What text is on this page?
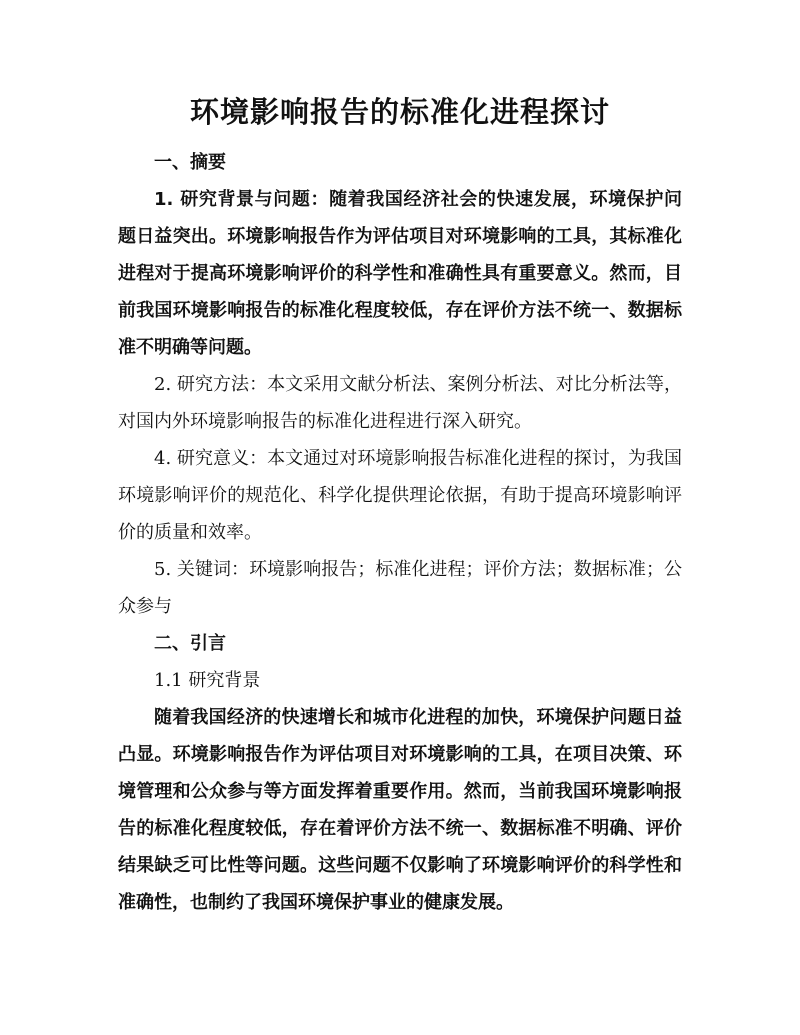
环境影响报告的标准化进程探讨

一、摘要

1. 研究背景与问题：随着我国经济社会的快速发展，环境保护问题日益突出。环境影响报告作为评估项目对环境影响的工具，其标准化进程对于提高环境影响评价的科学性和准确性具有重要意义。然而，目前我国环境影响报告的标准化程度较低，存在评价方法不统一、数据标准不明确等问题。

2. 研究方法：本文采用文献分析法、案例分析法、对比分析法等，对国内外环境影响报告的标准化进程进行深入研究。

4. 研究意义：本文通过对环境影响报告标准化进程的探讨，为我国环境影响评价的规范化、科学化提供理论依据，有助于提高环境影响评价的质量和效率。

5. 关键词：环境影响报告；标准化进程；评价方法；数据标准；公众参与

二、引言

1.1 研究背景

随着我国经济的快速增长和城市化进程的加快，环境保护问题日益凸显。环境影响报告作为评估项目对环境影响的工具，在项目决策、环境管理和公众参与等方面发挥着重要作用。然而，当前我国环境影响报告的标准化程度较低，存在着评价方法不统一、数据标准不明确、评价结果缺乏可比性等问题。这些问题不仅影响了环境影响评价的科学性和准确性，也制约了我国环境保护事业的健康发展。
